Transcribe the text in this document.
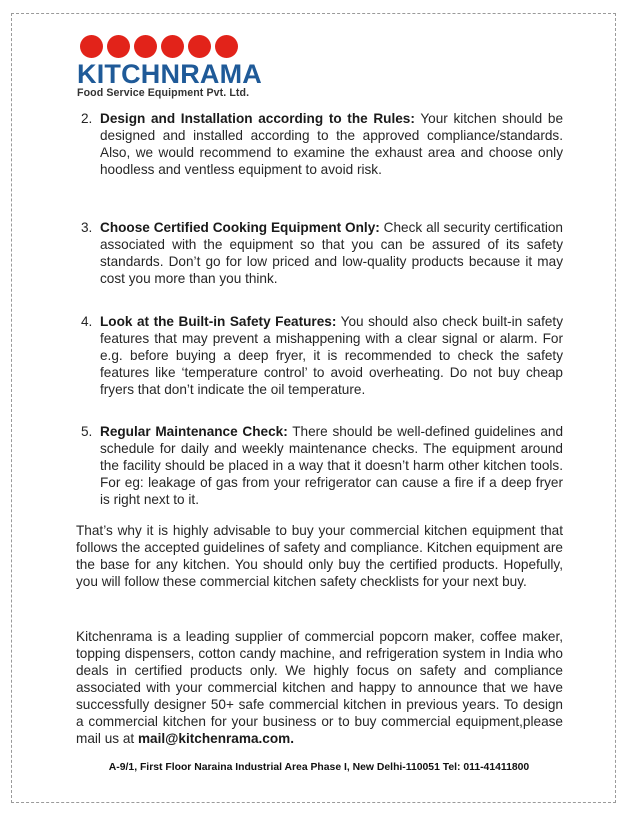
KITCHNRAMA
Food Service Equipment Pvt. Ltd.
2. Design and Installation according to the Rules: Your kitchen should be designed and installed according to the approved compliance/standards. Also, we would recommend to examine the exhaust area and choose only hoodless and ventless equipment to avoid risk.
3. Choose Certified Cooking Equipment Only: Check all security certification associated with the equipment so that you can be assured of its safety standards. Don’t go for low priced and low-quality products because it may cost you more than you think.
4. Look at the Built-in Safety Features: You should also check built-in safety features that may prevent a mishappening with a clear signal or alarm. For e.g. before buying a deep fryer, it is recommended to check the safety features like ‘temperature control’ to avoid overheating. Do not buy cheap fryers that don’t indicate the oil temperature.
5. Regular Maintenance Check: There should be well-defined guidelines and schedule for daily and weekly maintenance checks. The equipment around the facility should be placed in a way that it doesn’t harm other kitchen tools. For eg: leakage of gas from your refrigerator can cause a fire if a deep fryer is right next to it.
That’s why it is highly advisable to buy your commercial kitchen equipment that follows the accepted guidelines of safety and compliance. Kitchen equipment are the base for any kitchen. You should only buy the certified products. Hopefully, you will follow these commercial kitchen safety checklists for your next buy.
Kitchenrama is a leading supplier of commercial popcorn maker, coffee maker, topping dispensers, cotton candy machine, and refrigeration system in India who deals in certified products only. We highly focus on safety and compliance associated with your commercial kitchen and happy to announce that we have successfully designer 50+ safe commercial kitchen in previous years. To design a commercial kitchen for your business or to buy commercial equipment,please mail us at mail@kitchenrama.com.
A-9/1, First Floor Naraina Industrial Area Phase I, New Delhi-110051 Tel: 011-41411800
